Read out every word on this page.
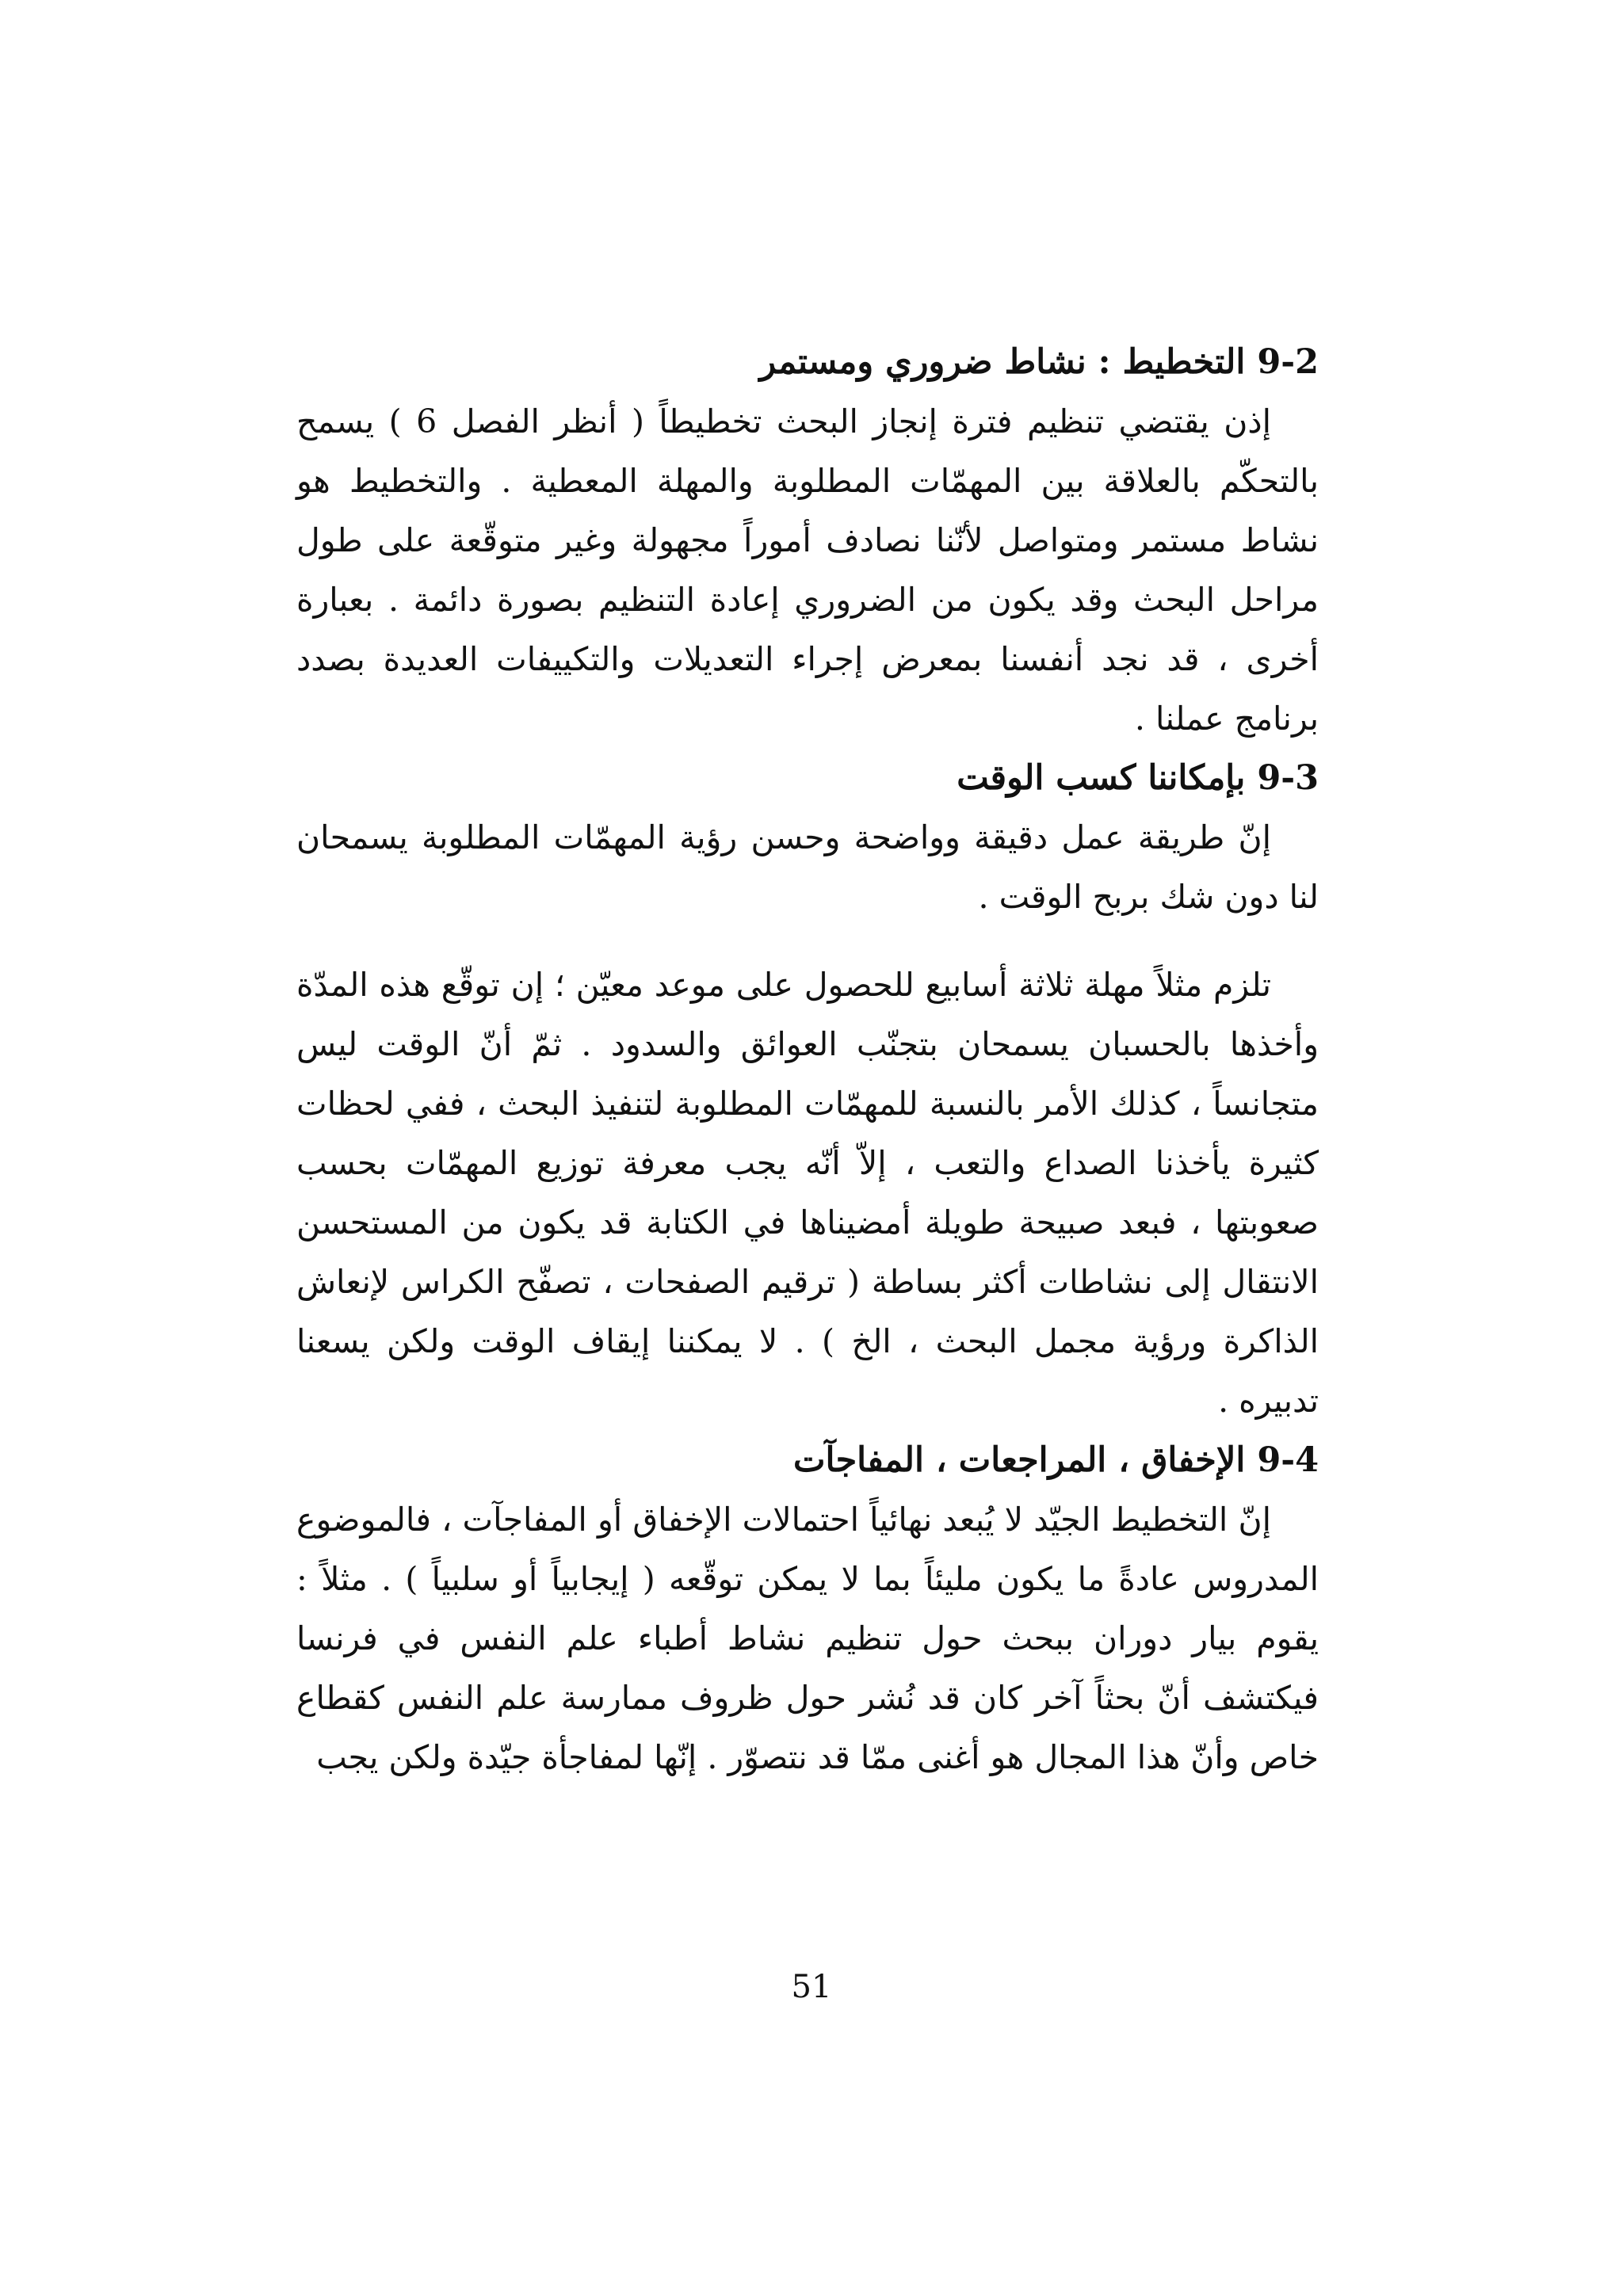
9-2 التخطيط : نشاط ضروري ومستمر

إذن يقتضي تنظيم فترة إنجاز البحث تخطيطاً ( أنظر الفصل 6 ) يسمح بالتحكّم بالعلاقة بين المهمّات المطلوبة والمهلة المعطية . والتخطيط هو نشاط مستمر ومتواصل لأنّنا نصادف أموراً مجهولة وغير متوقّعة على طول مراحل البحث وقد يكون من الضروري إعادة التنظيم بصورة دائمة . بعبارة أخرى ، قد نجد أنفسنا بمعرض إجراء التعديلات والتكييفات العديدة بصدد برنامج عملنا .

9-3 بإمكاننا كسب الوقت

إنّ طريقة عمل دقيقة وواضحة وحسن رؤية المهمّات المطلوبة يسمحان لنا دون شك بربح الوقت .

تلزم مثلاً مهلة ثلاثة أسابيع للحصول على موعد معيّن ؛ إن توقّع هذه المدّة وأخذها بالحسبان يسمحان بتجنّب العوائق والسدود . ثمّ أنّ الوقت ليس متجانساً ، كذلك الأمر بالنسبة للمهمّات المطلوبة لتنفيذ البحث ، ففي لحظات كثيرة يأخذنا الصداع والتعب ، إلاّ أنّه يجب معرفة توزيع المهمّات بحسب صعوبتها ، فبعد صبيحة طويلة أمضيناها في الكتابة قد يكون من المستحسن الانتقال إلى نشاطات أكثر بساطة ( ترقيم الصفحات ، تصفّح الكراس لإنعاش الذاكرة ورؤية مجمل البحث ، الخ ) . لا يمكننا إيقاف الوقت ولكن يسعنا تدبيره .

9-4 الإخفاق ، المراجعات ، المفاجآت

إنّ التخطيط الجيّد لا يُبعد نهائياً احتمالات الإخفاق أو المفاجآت ، فالموضوع المدروس عادةً ما يكون مليئاً بما لا يمكن توقّعه ( إيجابياً أو سلبياً ) . مثلاً : يقوم بيار دوران ببحث حول تنظيم نشاط أطباء علم النفس في فرنسا فيكتشف أنّ بحثاً آخر كان قد نُشر حول ظروف ممارسة علم النفس كقطاع خاص وأنّ هذا المجال هو أغنى ممّا قد نتصوّر . إنّها لمفاجأة جيّدة ولكن يجب

51
